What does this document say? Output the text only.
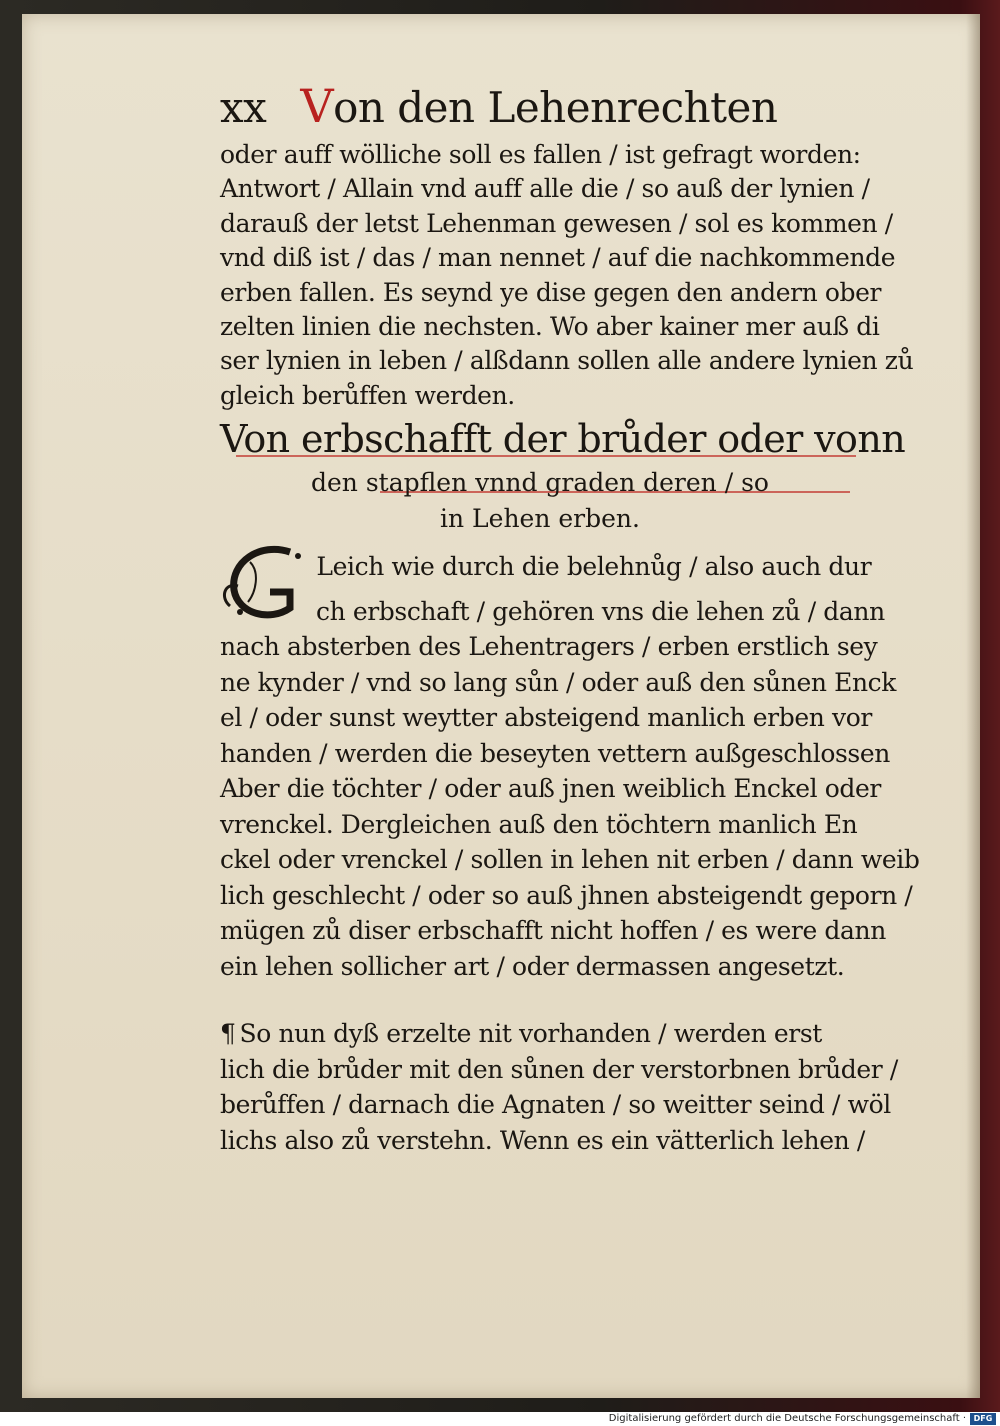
xx Von den Lehenrechten
oder auff wölliche soll es fallen / ist gefragt worden:
Antwort / Allain vnd auff alle die / so auß der lynien /
darauß der letst Lehenman gewesen / sol es kommen /
vnd diß ist / das / man nennet / auf die nachkommende
erben fallen. Es seynd ye dise gegen den andern ober
zelten linien die nechsten. Wo aber kainer mer auß di
ser lynien in leben / alßdann sollen alle andere lynien zů
gleich berůffen werden.
Von erbschafft der brůder oder vonn
den stapflen vnnd graden deren / so
in Lehen erben.
Leich wie durch die belehnůg / also auch dur
ch erbschaft / gehören vns die lehen zů / dann
nach absterben des Lehentragers / erben erstlich sey
ne kynder / vnd so lang sůn / oder auß den sůnen Enck
el / oder sunst weytter absteigend manlich erben vor
handen / werden die beseyten vettern außgeschlossen
Aber die töchter / oder auß jnen weiblich Enckel oder
vrenckel. Dergleichen auß den töchtern manlich En
ckel oder vrenckel / sollen in lehen nit erben / dann weib
lich geschlecht / oder so auß jhnen absteigendt geporn /
mügen zů diser erbschafft nicht hoffen / es were dann
ein lehen sollicher art / oder dermassen angesetzt.
¶ So nun dyß erzelte nit vorhanden / werden erst
lich die brůder mit den sůnen der verstorbnen brůder /
berůffen / darnach die Agnaten / so weitter seind / wöl
lichs also zů verstehn. Wenn es ein vätterlich lehen /
Digitalisierung gefördert durch die Deutsche Forschungsgemeinschaft · DFG
